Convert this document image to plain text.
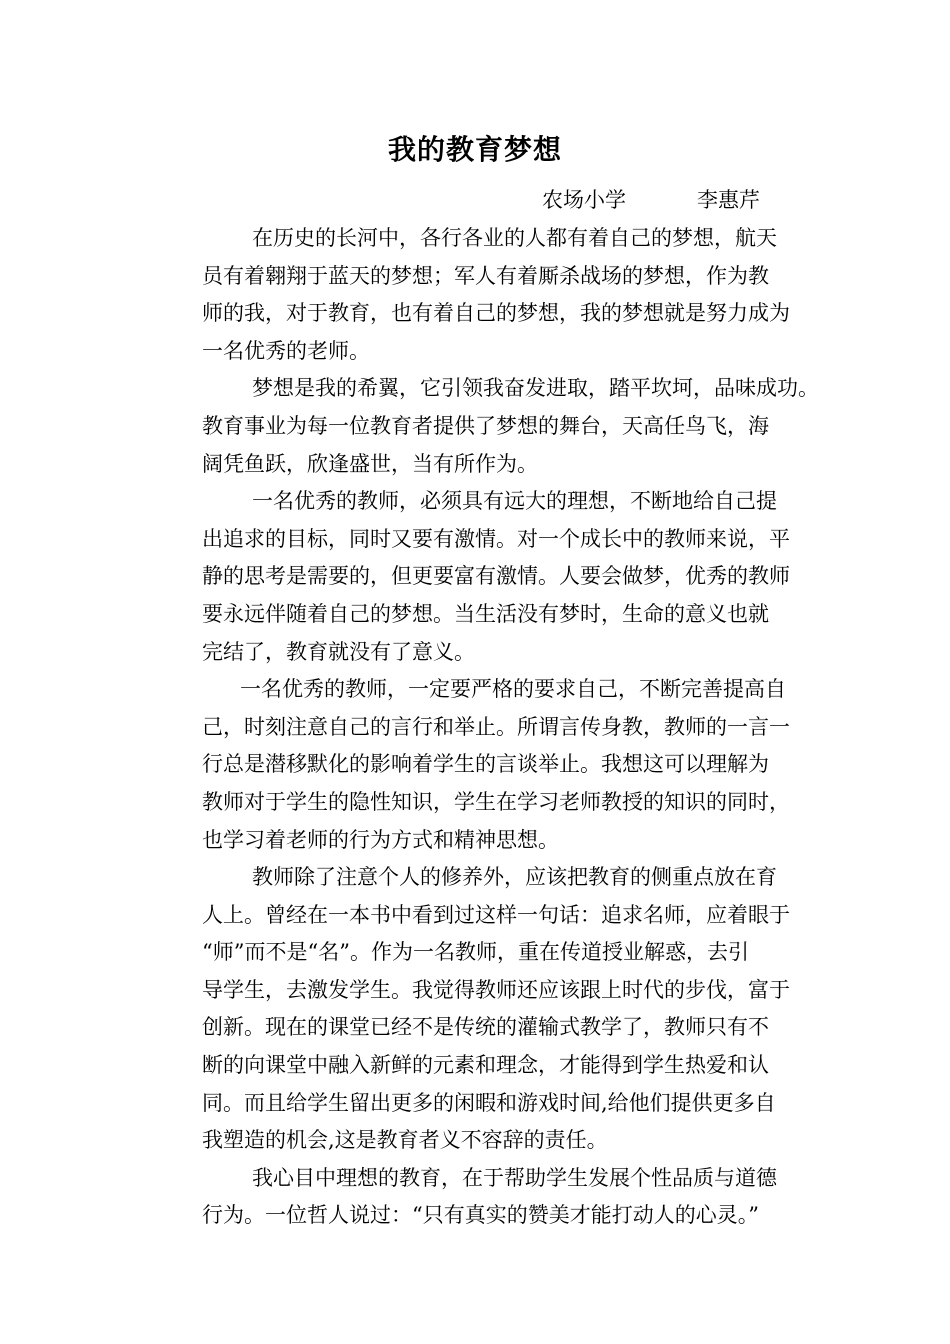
我的教育梦想
农场小学	李惠芹
在历史的长河中，各行各业的人都有着自己的梦想，航天
员有着翱翔于蓝天的梦想；军人有着厮杀战场的梦想，作为教
师的我，对于教育，也有着自己的梦想，我的梦想就是努力成为
一名优秀的老师。
梦想是我的希翼，它引领我奋发进取，踏平坎坷，品味成功。
教育事业为每一位教育者提供了梦想的舞台，天高任鸟飞，海
阔凭鱼跃，欣逢盛世，当有所作为。
一名优秀的教师，必须具有远大的理想，不断地给自己提
出追求的目标，同时又要有激情。对一个成长中的教师来说，平
静的思考是需要的，但更要富有激情。人要会做梦，优秀的教师
要永远伴随着自己的梦想。当生活没有梦时，生命的意义也就
完结了，教育就没有了意义。
一名优秀的教师，一定要严格的要求自己，不断完善提高自
己，时刻注意自己的言行和举止。所谓言传身教，教师的一言一
行总是潜移默化的影响着学生的言谈举止。我想这可以理解为
教师对于学生的隐性知识，学生在学习老师教授的知识的同时，
也学习着老师的行为方式和精神思想。
教师除了注意个人的修养外，应该把教育的侧重点放在育
人上。曾经在一本书中看到过这样一句话：追求名师，应着眼于
“师”而不是“名”。作为一名教师，重在传道授业解惑，去引
导学生，去激发学生。我觉得教师还应该跟上时代的步伐，富于
创新。现在的课堂已经不是传统的灌输式教学了，教师只有不
断的向课堂中融入新鲜的元素和理念，才能得到学生热爱和认
同。而且给学生留出更多的闲暇和游戏时间,给他们提供更多自
我塑造的机会,这是教育者义不容辞的责任。
我心目中理想的教育，在于帮助学生发展个性品质与道德
行为。一位哲人说过：“只有真实的赞美才能打动人的心灵。”
